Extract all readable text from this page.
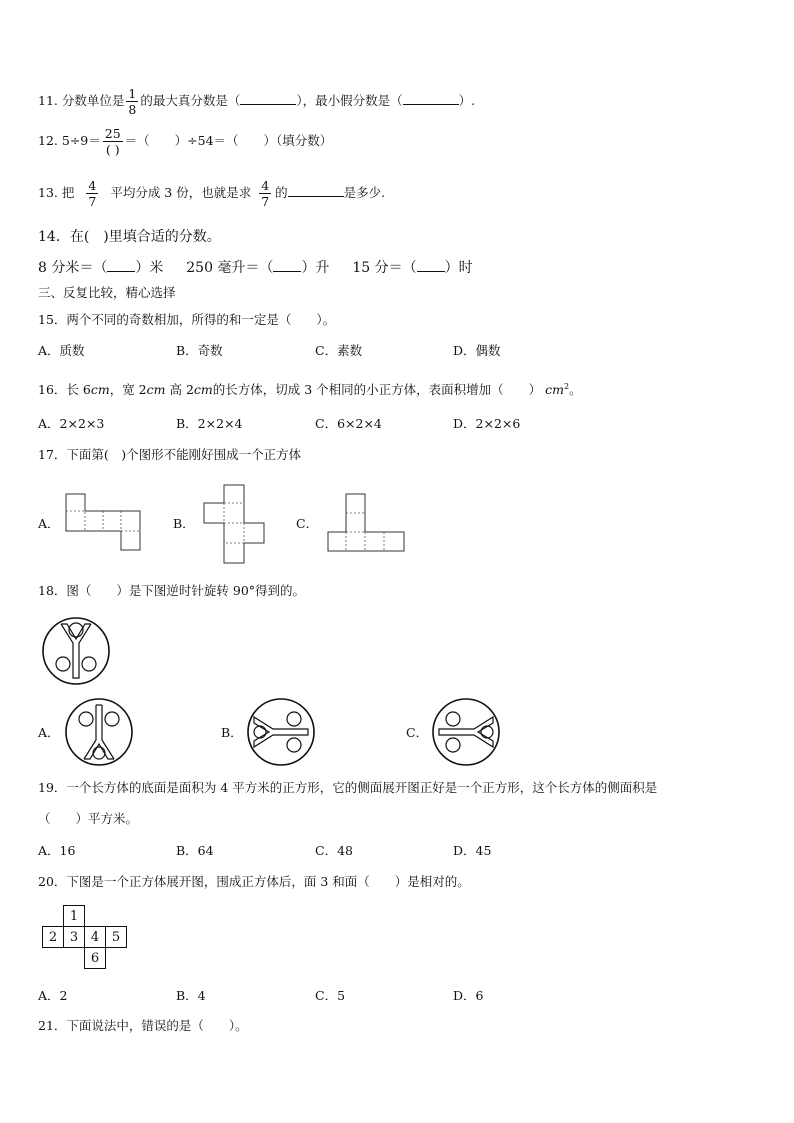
11. 分数单位是 $\frac{1}{8}$ 的最大真分数是（	），最小假分数是（	）.
12. $5\div 9= \frac{25}{( )}$ ＝（　　）÷54＝（　　）（填分数）
13. 把 $\frac{4}{7}$ 平均分成 3 份，也就是求 $\frac{4}{7}$ 的	是多少.
14．在(　)里填合适的分数。
8 分米＝（ ）米 250 毫升＝（ ）升 15 分＝（ ）时
三、反复比较，精心选择
15．两个不同的奇数相加，所得的和一定是（　　）。
A．质数	B．奇数	C．素数	D．偶数
16．长 6cm，宽 2cm 高 2cm的长方体，切成 3 个相同的小正方体，表面积增加（　　） $cm^2$。
A．2×2×3	B．2×2×4	C．6×2×4	D．2×2×6
17．下面第(　)个图形不能刚好围成一个正方体
A．	B．	C．
18．图（　　）是下图逆时针旋转 90°得到的。
A．	B．	C．
19．一个长方体的底面是面积为 4 平方米的正方形，它的侧面展开图正好是一个正方形，这个长方体的侧面积是
（　　）平方米。
A．16	B．64	C．48	D．45
20．下图是一个正方体展开图，围成正方体后，面 3 和面（　　）是相对的。
	1		
2	3	4	5
		6	
A．2	B．4	C．5	D．6
21．下面说法中，错误的是（　　）。
